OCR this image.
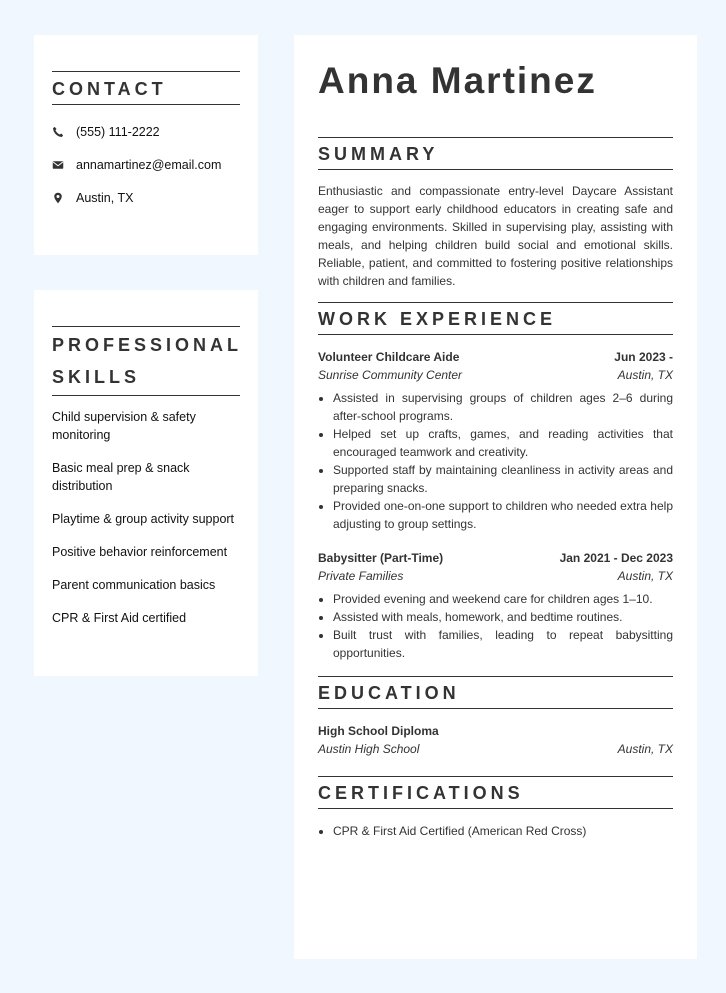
CONTACT
(555) 111-2222
annamartinez@email.com
Austin, TX
PROFESSIONAL SKILLS
Child supervision & safety monitoring
Basic meal prep & snack distribution
Playtime & group activity support
Positive behavior reinforcement
Parent communication basics
CPR & First Aid certified
Anna Martinez
SUMMARY

Enthusiastic and compassionate entry-level Daycare Assistant eager to support early childhood educators in creating safe and engaging environments. Skilled in supervising play, assisting with meals, and helping children build social and emotional skills. Reliable, patient, and committed to fostering positive relationships with children and families.

WORK EXPERIENCE
Volunteer Childcare Aide	Jun 2023 -
Sunrise Community Center	Austin, TX
• Assisted in supervising groups of children ages 2–6 during after-school programs.
• Helped set up crafts, games, and reading activities that encouraged teamwork and creativity.
• Supported staff by maintaining cleanliness in activity areas and preparing snacks.
• Provided one-on-one support to children who needed extra help adjusting to group settings.
Babysitter (Part-Time)	Jan 2021 - Dec 2023
Private Families	Austin, TX
• Provided evening and weekend care for children ages 1–10.
• Assisted with meals, homework, and bedtime routines.
• Built trust with families, leading to repeat babysitting opportunities.
EDUCATION
High School Diploma
Austin High School	Austin, TX
CERTIFICATIONS
• CPR & First Aid Certified (American Red Cross)
